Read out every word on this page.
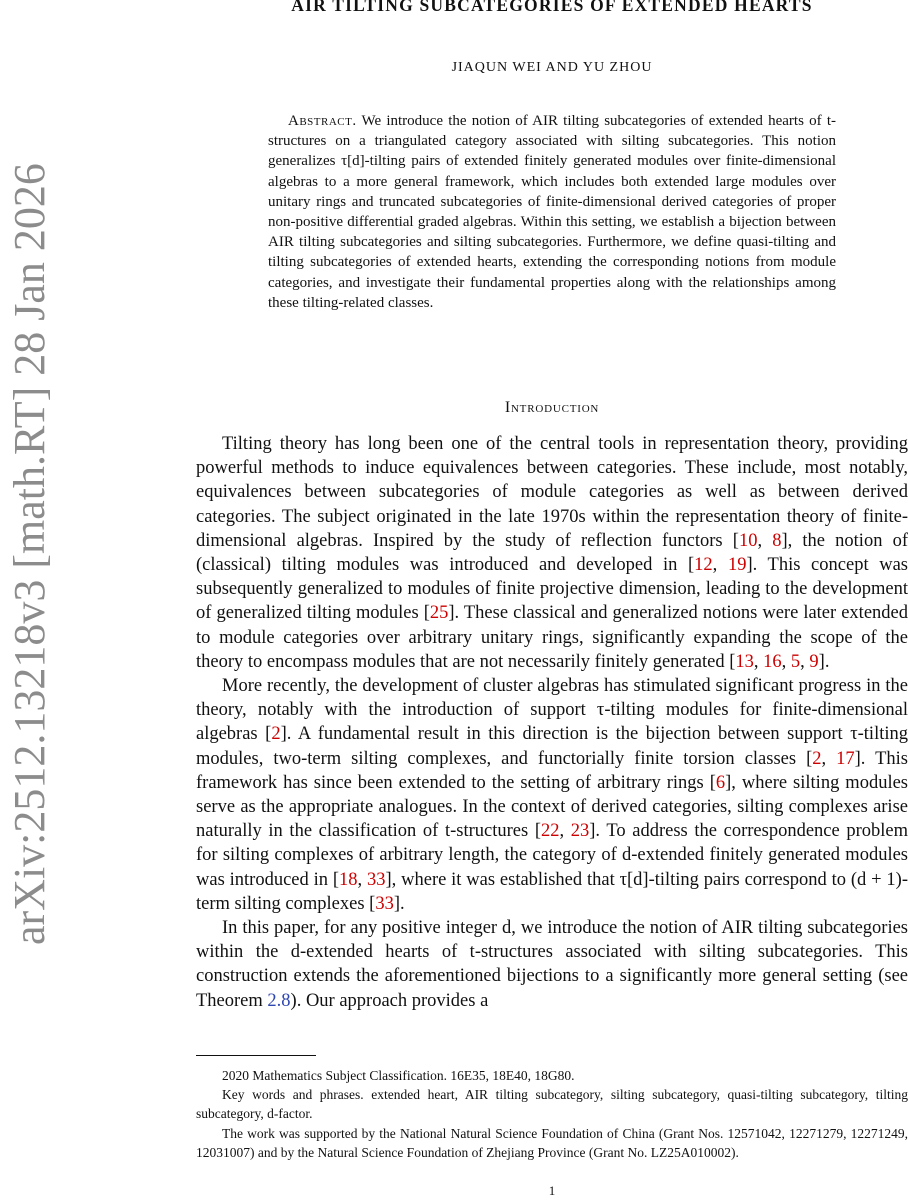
arXiv:2512.13218v3 [math.RT] 28 Jan 2026
AIR TILTING SUBCATEGORIES OF EXTENDED HEARTS
JIAQUN WEI AND YU ZHOU
Abstract. We introduce the notion of AIR tilting subcategories of extended hearts of t-structures on a triangulated category associated with silting subcategories. This notion generalizes τ[d]-tilting pairs of extended finitely generated modules over finite-dimensional algebras to a more general framework, which includes both extended large modules over unitary rings and truncated subcategories of finite-dimensional derived categories of proper non-positive differential graded algebras. Within this setting, we establish a bijection between AIR tilting subcategories and silting subcategories. Furthermore, we define quasi-tilting and tilting subcategories of extended hearts, extending the corresponding notions from module categories, and investigate their fundamental properties along with the relationships among these tilting-related classes.
Introduction

Tilting theory has long been one of the central tools in representation theory, providing powerful methods to induce equivalences between categories. These include, most notably, equivalences between subcategories of module categories as well as between derived categories. The subject originated in the late 1970s within the representation theory of finite-dimensional algebras. Inspired by the study of reflection functors [10, 8], the notion of (classical) tilting modules was introduced and developed in [12, 19]. This concept was subsequently generalized to modules of finite projective dimension, leading to the development of generalized tilting modules [25]. These classical and generalized notions were later extended to module categories over arbitrary unitary rings, significantly expanding the scope of the theory to encompass modules that are not necessarily finitely generated [13, 16, 5, 9].

More recently, the development of cluster algebras has stimulated significant progress in the theory, notably with the introduction of support τ-tilting modules for finite-dimensional algebras [2]. A fundamental result in this direction is the bijection between support τ-tilting modules, two-term silting complexes, and functorially finite torsion classes [2, 17]. This framework has since been extended to the setting of arbitrary rings [6], where silting modules serve as the appropriate analogues. In the context of derived categories, silting complexes arise naturally in the classification of t-structures [22, 23]. To address the correspondence problem for silting complexes of arbitrary length, the category of d-extended finitely generated modules was introduced in [18, 33], where it was established that τ[d]-tilting pairs correspond to (d + 1)-term silting complexes [33].

In this paper, for any positive integer d, we introduce the notion of AIR tilting subcategories within the d-extended hearts of t-structures associated with silting subcategories. This construction extends the aforementioned bijections to a significantly more general setting (see Theorem 2.8). Our approach provides a

2020 Mathematics Subject Classification. 16E35, 18E40, 18G80.

Key words and phrases. extended heart, AIR tilting subcategory, silting subcategory, quasi-tilting subcategory, tilting subcategory, d-factor.

The work was supported by the National Natural Science Foundation of China (Grant Nos. 12571042, 12271279, 12271249, 12031007) and by the Natural Science Foundation of Zhejiang Province (Grant No. LZ25A010002).

1
